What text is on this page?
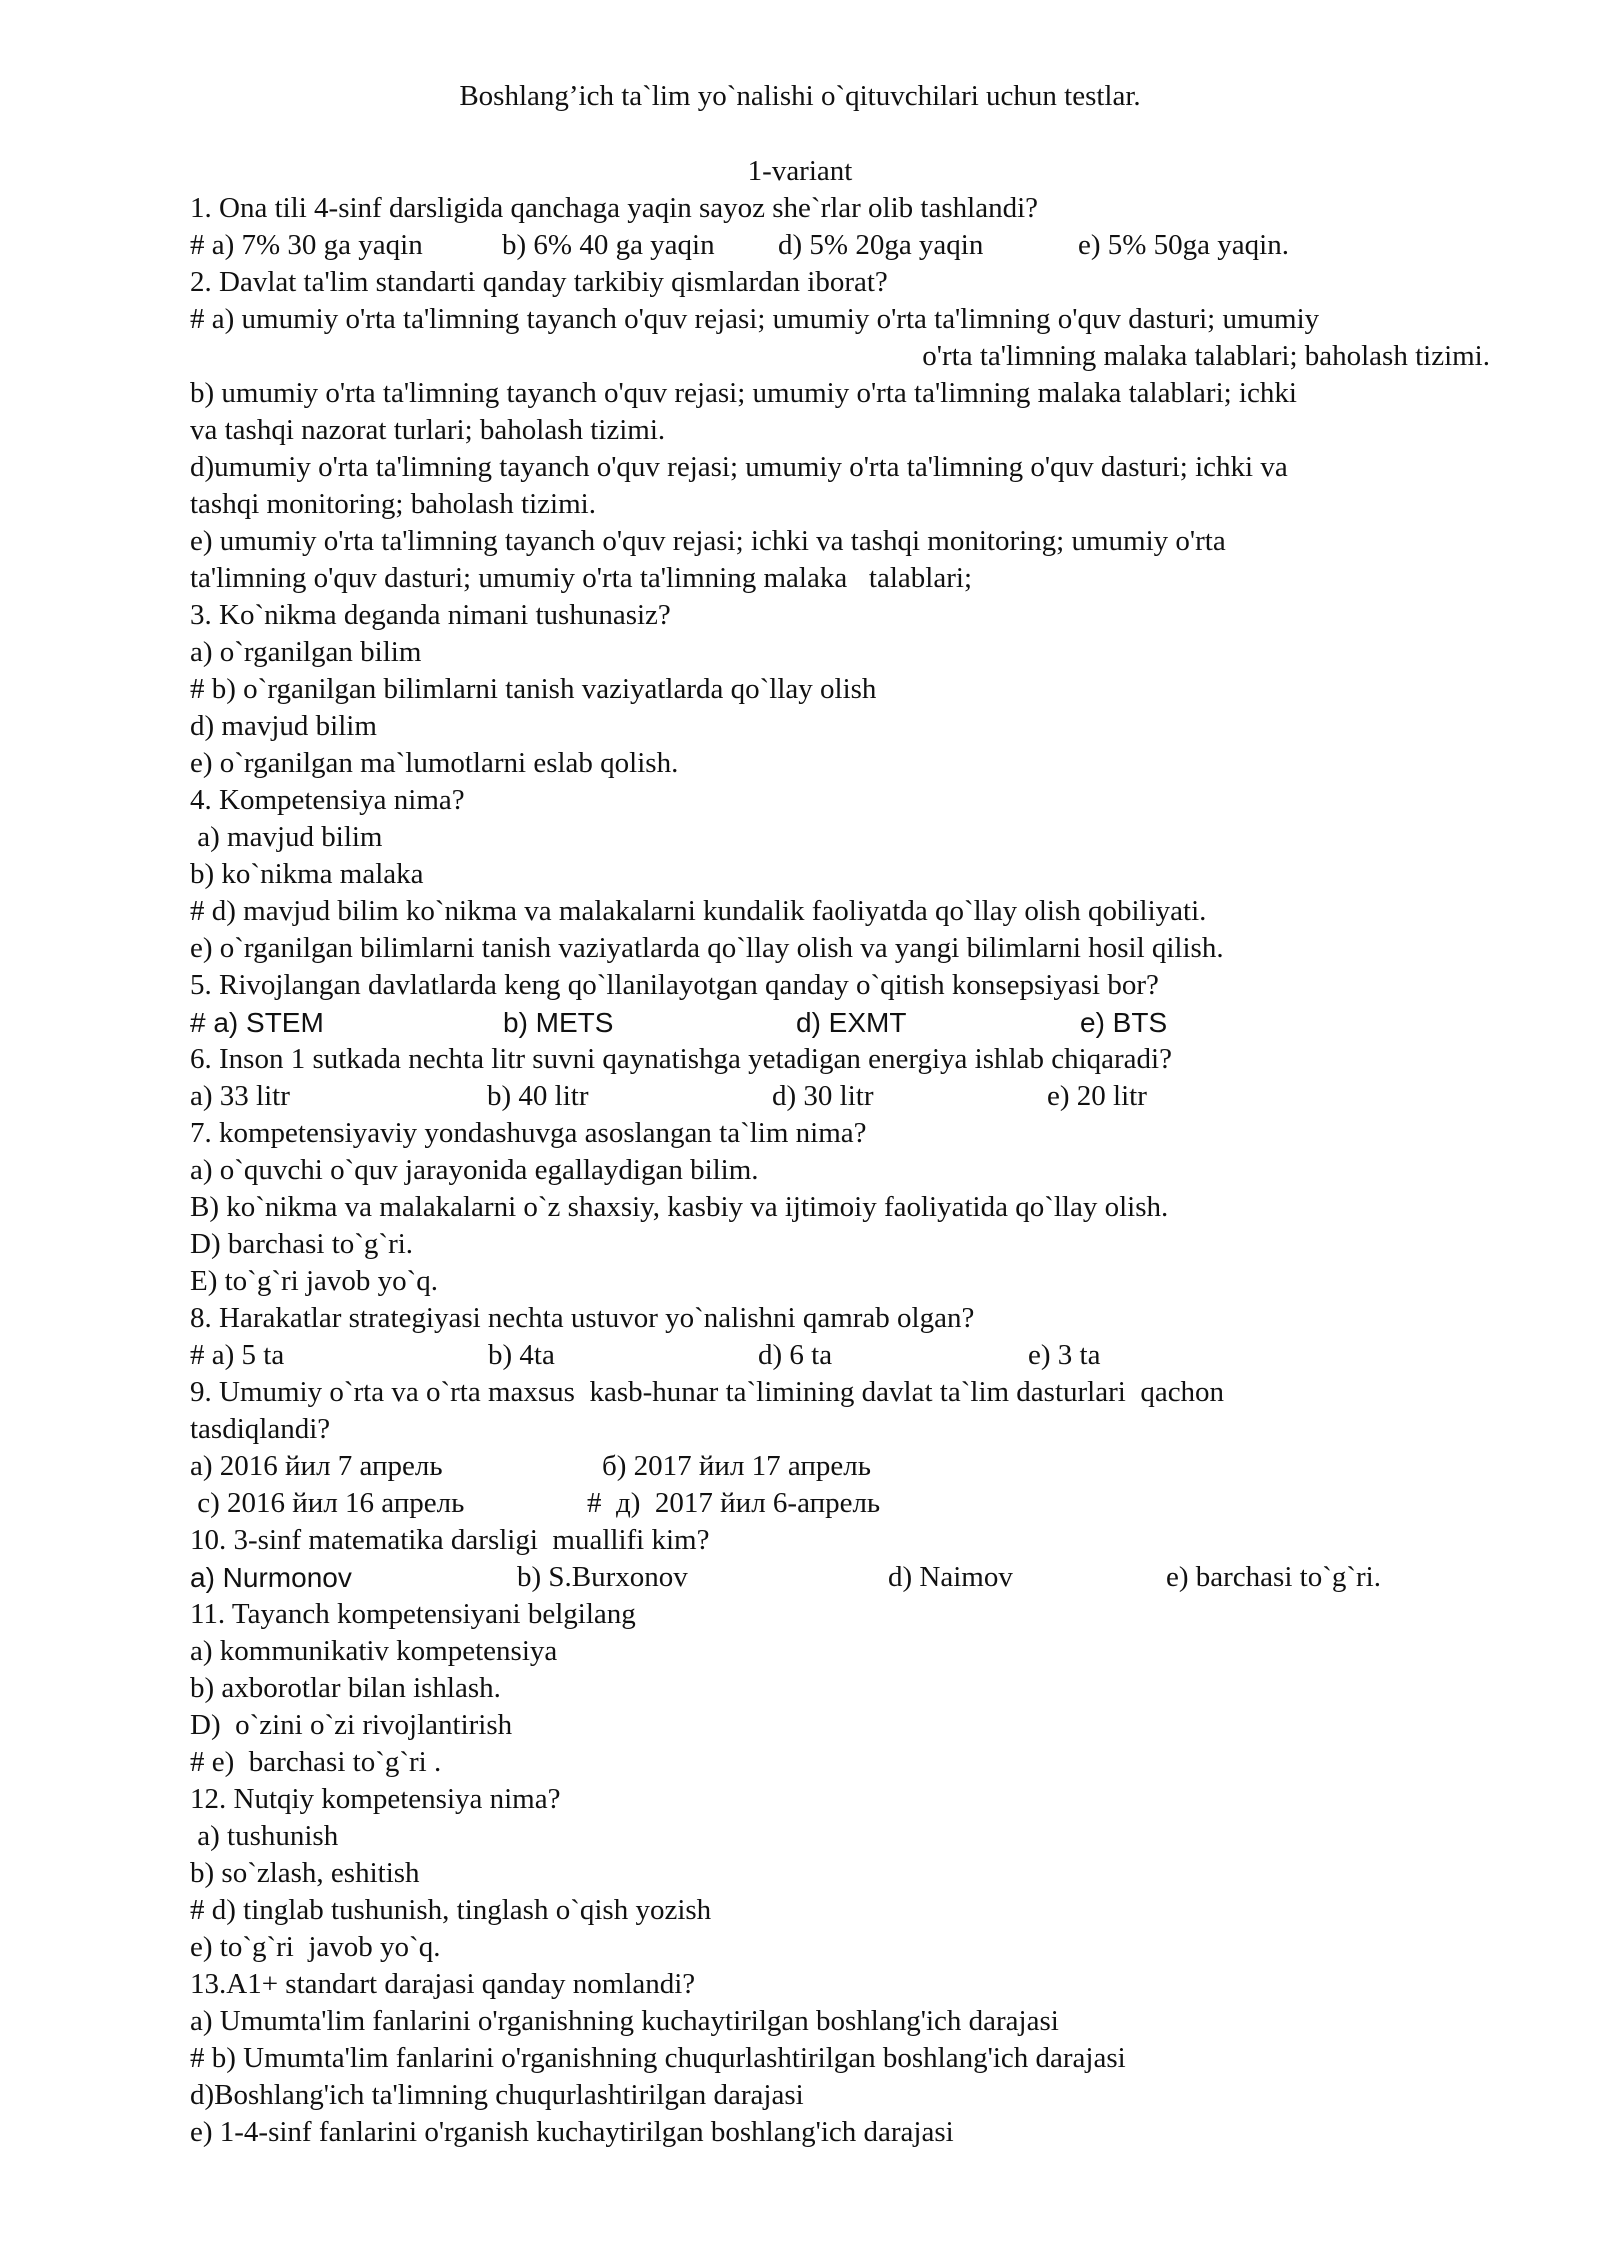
Boshlang’ich ta`lim yo`nalishi o`qituvchilari uchun testlar.
1-variant
1. Ona tili 4-sinf darsligida qanchaga yaqin sayoz she`rlar olib tashlandi?

# a) 7% 30 ga yaqin

	b) 6% 40 ga yaqin

d) 5% 20ga yaqin

	e) 5% 50ga yaqin.

2. Davlat ta'lim standarti qanday tarkibiy qismlardan iborat?
# a) umumiy o'rta ta'limning tayanch o'quv rejasi; umumiy o'rta ta'limning o'quv dasturi; umumiy
o'rta ta'limning malaka talablari; baholash tizimi.
b) umumiy o'rta ta'limning tayanch o'quv rejasi; umumiy o'rta ta'limning malaka talablari; ichki
va tashqi nazorat turlari; baholash tizimi.
d)umumiy o'rta ta'limning tayanch o'quv rejasi; umumiy o'rta ta'limning o'quv dasturi; ichki va
tashqi monitoring; baholash tizimi.
e) umumiy o'rta ta'limning tayanch o'quv rejasi; ichki va tashqi monitoring; umumiy o'rta
ta'limning o'quv dasturi; umumiy o'rta ta'limning malaka   talablari;
3. Ko`nikma deganda nimani tushunasiz?
a) o`rganilgan bilim
# b) o`rganilgan bilimlarni tanish vaziyatlarda qo`llay olish
d) mavjud bilim
e) o`rganilgan ma`lumotlarni eslab qolish.
4. Kompetensiya nima?
a) mavjud bilim
b) ko`nikma malaka
# d) mavjud bilim ko`nikma va malakalarni kundalik faoliyatda qo`llay olish qobiliyati.
e) o`rganilgan bilimlarni tanish vaziyatlarda qo`llay olish va yangi bilimlarni hosil qilish.
5. Rivojlangan davlatlarda keng qo`llanilayotgan qanday o`qitish konsepsiyasi bor?

# a) STEM

	b) METS

	d) EXMT

	e) BTS

6. Inson 1 sutkada nechta litr suvni qaynatishga yetadigan energiya ishlab chiqaradi?

a) 33 litr

	b) 40 litr

	d) 30 litr

	e) 20 litr

7. kompetensiyaviy yondashuvga asoslangan ta`lim nima?
a) o`quvchi o`quv jarayonida egallaydigan bilim.
B) ko`nikma va malakalarni o`z shaxsiy, kasbiy va ijtimoiy faoliyatida qo`llay olish.
D) barchasi to`g`ri.
E) to`g`ri javob yo`q.
8. Harakatlar strategiyasi nechta ustuvor yo`nalishni qamrab olgan?

# a) 5 ta

	b) 4ta

	d) 6 ta

	e) 3 ta

9. Umumiy o`rta va o`rta maxsus  kasb-hunar ta`limining davlat ta`lim dasturlari  qachon
tasdiqlandi?

а) 2016 йил 7 апрель

	б) 2017 йил 17 апрель

с) 2016 йил 16 апрель

	#  д)  2017 йил 6-апрель

10. 3-sinf matematika darsligi  muallifi kim?

a) Nurmonov

	b) S.Burxonov

	d) Naimov

	e) barchasi to`g`ri.

11. Tayanch kompetensiyani belgilang
a) kommunikativ kompetensiya
b) axborotlar bilan ishlash.
D)  o`zini o`zi rivojlantirish
# e)  barchasi to`g`ri .
12. Nutqiy kompetensiya nima?
a) tushunish
b) so`zlash, eshitish
# d) tinglab tushunish, tinglash o`qish yozish
e) to`g`ri  javob yo`q.
13.A1+ standart darajasi qanday nomlandi?
a) Umumta'lim fanlarini o'rganishning kuchaytirilgan boshlang'ich darajasi
# b) Umumta'lim fanlarini o'rganishning chuqurlashtirilgan boshlang'ich darajasi
d)Boshlang'ich ta'limning chuqurlashtirilgan darajasi
e) 1-4-sinf fanlarini o'rganish kuchaytirilgan boshlang'ich darajasi
